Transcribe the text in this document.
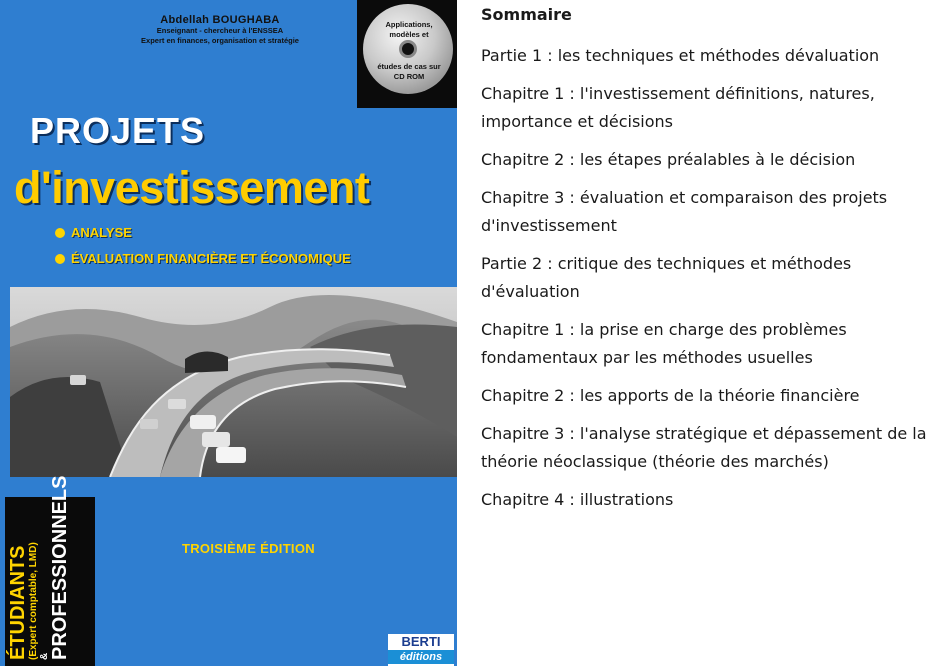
Abdellah BOUGHABA
Enseignant - chercheur à l'ENSSEA
Expert en finances, organisation et stratégie
Applications, modèles et
études de cas sur CD ROM
PROJETS
d'investissement
ANALYSE
ÉVALUATION FINANCIÈRE ET ÉCONOMIQUE
TROISIÈME ÉDITION
ÉTUDIANTS (Expert comptable, LMD) & PROFESSIONNELS	BERTI
éditions
Sommaire
Partie 1 : les techniques et méthodes dévaluation
Chapitre 1 : l'investissement définitions, natures, importance et décisions
Chapitre 2 : les étapes préalables à le décision
Chapitre 3 : évaluation et comparaison des projets d'investissement
Partie 2 : critique des techniques et méthodes d'évaluation
Chapitre 1 : la prise en charge des problèmes fondamentaux par les méthodes usuelles
Chapitre 2 : les apports de la théorie financière
Chapitre 3 : l'analyse stratégique et dépassement de la théorie néoclassique (théorie des marchés)
Chapitre 4 : illustrations
